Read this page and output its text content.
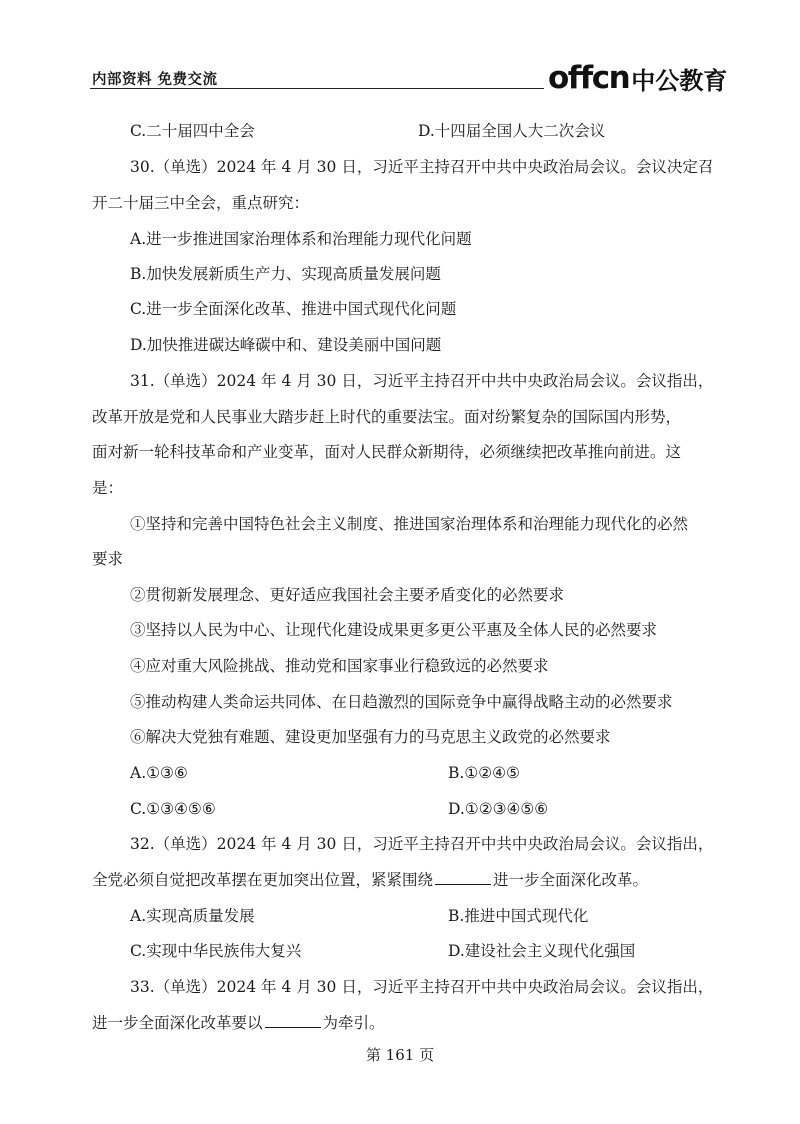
内部资料 免费交流	offcn 中公教育
C.二十届四中全会	D.十四届全国人大二次会议
30.（单选）2024 年 4 月 30 日，习近平主持召开中共中央政治局会议。会议决定召
开二十届三中全会，重点研究：
A.进一步推进国家治理体系和治理能力现代化问题
B.加快发展新质生产力、实现高质量发展问题
C.进一步全面深化改革、推进中国式现代化问题
D.加快推进碳达峰碳中和、建设美丽中国问题
31.（单选）2024 年 4 月 30 日，习近平主持召开中共中央政治局会议。会议指出，
改革开放是党和人民事业大踏步赶上时代的重要法宝。面对纷繁复杂的国际国内形势，
面对新一轮科技革命和产业变革，面对人民群众新期待，必须继续把改革推向前进。这
是：
①坚持和完善中国特色社会主义制度、推进国家治理体系和治理能力现代化的必然
要求
②贯彻新发展理念、更好适应我国社会主要矛盾变化的必然要求
③坚持以人民为中心、让现代化建设成果更多更公平惠及全体人民的必然要求
④应对重大风险挑战、推动党和国家事业行稳致远的必然要求
⑤推动构建人类命运共同体、在日趋激烈的国际竞争中赢得战略主动的必然要求
⑥解决大党独有难题、建设更加坚强有力的马克思主义政党的必然要求
A.①③⑥	B.①②④⑤
C.①③④⑤⑥	D.①②③④⑤⑥
32.（单选）2024 年 4 月 30 日，习近平主持召开中共中央政治局会议。会议指出，
全党必须自觉把改革摆在更加突出位置，紧紧围绕	进一步全面深化改革。
A.实现高质量发展	B.推进中国式现代化
C.实现中华民族伟大复兴	D.建设社会主义现代化强国
33.（单选）2024 年 4 月 30 日，习近平主持召开中共中央政治局会议。会议指出，
进一步全面深化改革要以	为牵引。
第 161 页
